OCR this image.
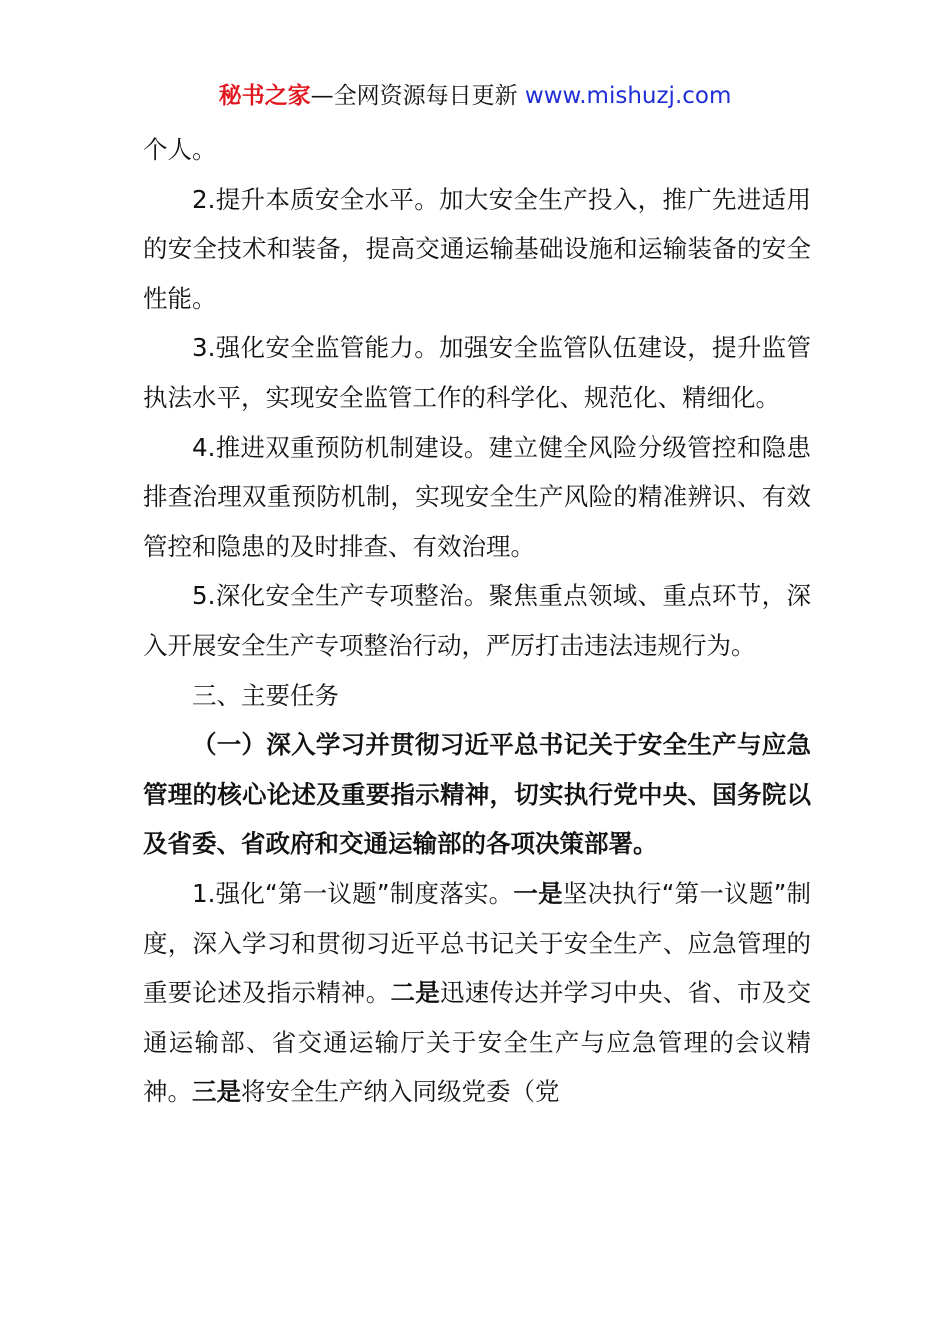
秘书之家—全网资源每日更新 www.mishuzj.com

个人。

2.提升本质安全水平。加大安全生产投入，推广先进适用的安全技术和装备，提高交通运输基础设施和运输装备的安全性能。

3.强化安全监管能力。加强安全监管队伍建设，提升监管执法水平，实现安全监管工作的科学化、规范化、精细化。

4.推进双重预防机制建设。建立健全风险分级管控和隐患排查治理双重预防机制，实现安全生产风险的精准辨识、有效管控和隐患的及时排查、有效治理。

5.深化安全生产专项整治。聚焦重点领域、重点环节，深入开展安全生产专项整治行动，严厉打击违法违规行为。

三、主要任务

（一）深入学习并贯彻习近平总书记关于安全生产与应急管理的核心论述及重要指示精神，切实执行党中央、国务院以及省委、省政府和交通运输部的各项决策部署。

1.强化“第一议题”制度落实。一是坚决执行“第一议题”制度，深入学习和贯彻习近平总书记关于安全生产、应急管理的重要论述及指示精神。二是迅速传达并学习中央、省、市及交通运输部、省交通运输厅关于安全生产与应急管理的会议精神。三是将安全生产纳入同级党委（党
